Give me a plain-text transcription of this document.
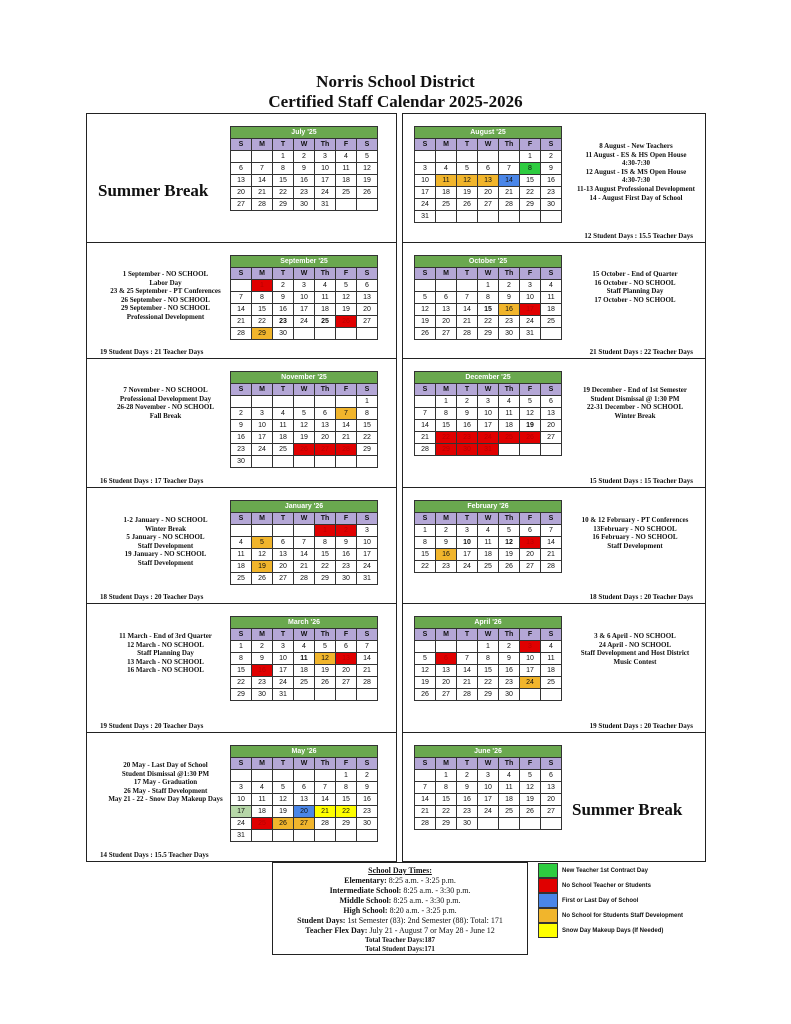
Norris School District
Certified Staff Calendar 2025-2026
July '25						
S	M	T	W	Th	F	S
		1	2	3	4	5
6	7	8	9	10	11	12
13	14	15	16	17	18	19
20	21	22	23	24	25	26
27	28	29	30	31		
August '25						
S	M	T	W	Th	F	S
					1	2
3	4	5	6	7	8	9
10	11	12	13	14	15	16
17	18	19	20	21	22	23
24	25	26	27	28	29	30
31						
September '25						
S	M	T	W	Th	F	S
	1	2	3	4	5	6
7	8	9	10	11	12	13
14	15	16	17	18	19	20
21	22	23	24	25	26	27
28	29	30				
October '25						
S	M	T	W	Th	F	S
			1	2	3	4
5	6	7	8	9	10	11
12	13	14	15	16	17	18
19	20	21	22	23	24	25
26	27	28	29	30	31	
November '25						
S	M	T	W	Th	F	S
						1
2	3	4	5	6	7	8
9	10	11	12	13	14	15
16	17	18	19	20	21	22
23	24	25	26	27	28	29
30						
December '25						
S	M	T	W	Th	F	S
	1	2	3	4	5	6
7	8	9	10	11	12	13
14	15	16	17	18	19	20
21	22	23	24	25	26	27
28	29	30	31			
January '26						
S	M	T	W	Th	F	S
				1	2	3
4	5	6	7	8	9	10
11	12	13	14	15	16	17
18	19	20	21	22	23	24
25	26	27	28	29	30	31
February '26						
S	M	T	W	Th	F	S
1	2	3	4	5	6	7
8	9	10	11	12	13	14
15	16	17	18	19	20	21
22	23	24	25	26	27	28
March '26						
S	M	T	W	Th	F	S
1	2	3	4	5	6	7
8	9	10	11	12	13	14
15	16	17	18	19	20	21
22	23	24	25	26	27	28
29	30	31				
April '26						
S	M	T	W	Th	F	S
			1	2	3	4
5	6	7	8	9	10	11
12	13	14	15	16	17	18
19	20	21	22	23	24	25
26	27	28	29	30		
May '26						
S	M	T	W	Th	F	S
					1	2
3	4	5	6	7	8	9
10	11	12	13	14	15	16
17	18	19	20	21	22	23
24	25	26	27	28	29	30
31						
June '26						
S	M	T	W	Th	F	S
	1	2	3	4	5	6
7	8	9	10	11	12	13
14	15	16	17	18	19	20
21	22	23	24	25	26	27
28	29	30				
Summer Break
Summer Break
8 August - New Teachers
11 August - ES & HS Open House
4:30-7:30
12 August - IS & MS Open House
4:30-7:30
11-13 August Professional Development
14 - August First Day of School
1 September - NO SCHOOL
Labor Day
23 & 25 September - PT Conferences
26 September - NO SCHOOL
29 September - NO SCHOOL
Professional Development
15 October - End of Quarter
16 October - NO SCHOOL
Staff Planning Day
17 October - NO SCHOOL
7 November - NO SCHOOL
Professional Development Day
26-28 November - NO SCHOOL
Fall Break
19 December - End of 1st Semester
Student Dismissal @ 1:30 PM
22-31 December - NO SCHOOL
Winter Break
1-2 January - NO SCHOOL
Winter Break
5 January - NO SCHOOL
Staff Development
19 January - NO SCHOOL
Staff Development
10 & 12 February - PT Conferences
13February - NO SCHOOL
16 February - NO SCHOOL
Staff Development
11 March - End of 3rd Quarter
12 March - NO SCHOOL
Staff Planning Day
13 March - NO SCHOOL
16 March - NO SCHOOL
3 & 6 April - NO SCHOOL
24 April - NO SCHOOL
Staff Development and Host District
Music Contest
20 May - Last Day of School
Student Dismissal @1:30 PM
17 May - Graduation
26 May - Staff Development
May 21 - 22 - Snow Day Makeup Days
12 Student Days : 15.5 Teacher Days
19 Student Days : 21 Teacher Days	21 Student Days : 22 Teacher Days
16 Student Days : 17 Teacher Days	15 Student Days : 15 Teacher Days
18 Student Days : 20 Teacher Days	18 Student Days : 20 Teacher Days
19 Student Days : 20 Teacher Days	19 Student Days : 20 Teacher Days
14 Student Days : 15.5 Teacher Days
School Day Times:
Elementary: 8:25 a.m. - 3:25 p.m.
Intermediate School: 8:25 a.m. - 3:30 p.m.
Middle School: 8:25 a.m. - 3:30 p.m.
High School: 8:20 a.m. - 3:25 p.m.
Student Days: 1st Semester (83): 2nd Semester (88): Total: 171
Teacher Flex Day: July 21 - August 7 or May 28 - June 12
Total Teacher Days:187
Total Student Days:171
New Teacher 1st Contract Day
No School Teacher or Students
First or Last Day of School
No School for Students Staff Development
Snow Day Makeup Days (If Needed)
